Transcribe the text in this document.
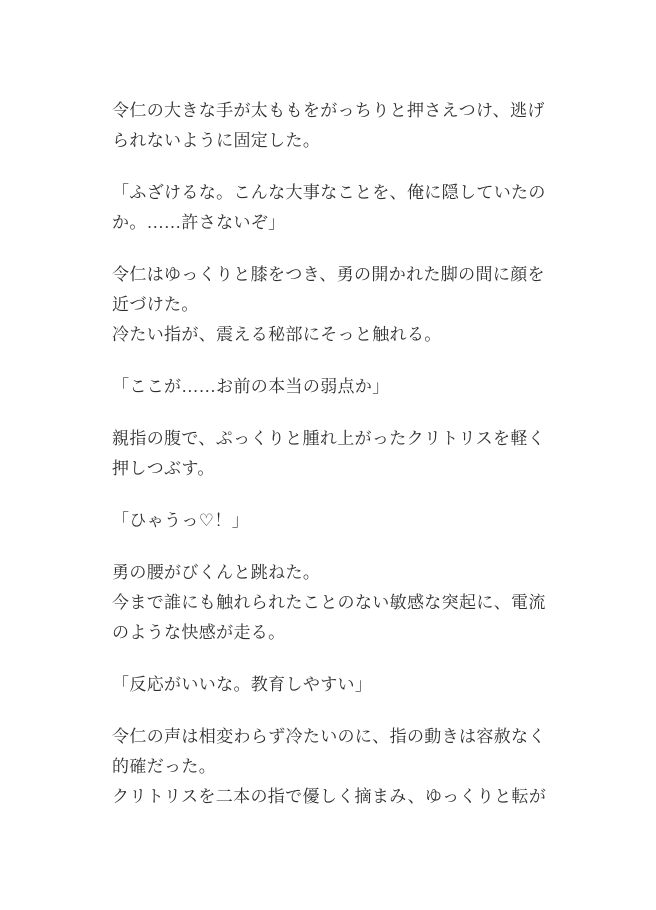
令仁の大きな手が太ももをがっちりと押さえつけ、逃げ
られないように固定した。

「ふざけるな。こんな大事なことを、俺に隠していたの
か。……許さないぞ」

令仁はゆっくりと膝をつき、勇の開かれた脚の間に顔を
近づけた。
冷たい指が、震える秘部にそっと触れる。

「ここが……お前の本当の弱点か」

親指の腹で、ぷっくりと腫れ上がったクリトリスを軽く
押しつぶす。

「ひゃうっ♡！」

勇の腰がびくんと跳ねた。
今まで誰にも触れられたことのない敏感な突起に、電流
のような快感が走る。

「反応がいいな。教育しやすい」

令仁の声は相変わらず冷たいのに、指の動きは容赦なく
的確だった。
クリトリスを二本の指で優しく摘まみ、ゆっくりと転が
